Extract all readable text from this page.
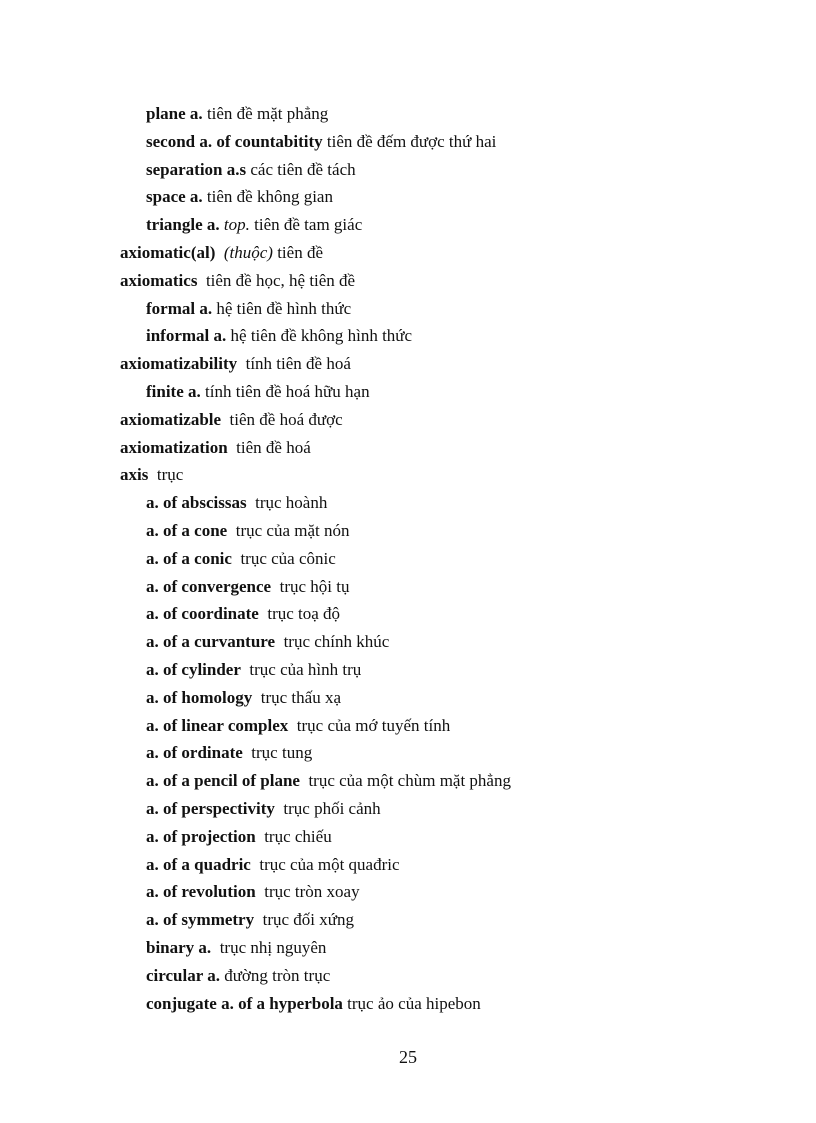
plane a. tiên đề mặt phẳng
second a. of countabitity tiên đề đếm được thứ hai
separation a.s các tiên đề tách
space a. tiên đề không gian
triangle a. top. tiên đề tam giác
axiomatic(al)  (thuộc) tiên đề
axiomatics  tiên đề học, hệ tiên đề
formal a. hệ tiên đề hình thức
informal a. hệ tiên đề không hình thức
axiomatizability  tính tiên đề hoá
finite a. tính tiên đề hoá hữu hạn
axiomatizable  tiên đề hoá được
axiomatization  tiên đề hoá
axis  trục
a. of abscissas  trục hoành
a. of a cone  trục của mặt nón
a. of a conic  trục của cônic
a. of convergence  trục hội tụ
a. of coordinate  trục toạ độ
a. of a curvanture  trục chính khúc
a. of cylinder  trục của hình trụ
a. of homology  trục thấu xạ
a. of linear complex  trục của mớ tuyến tính
a. of ordinate  trục tung
a. of a pencil of plane  trục của một chùm mặt phẳng
a. of perspectivity  trục phối cảnh
a. of projection  trục chiếu
a. of a quadric  trục của một quađric
a. of revolution  trục tròn xoay
a. of symmetry  trục đối xứng
binary a.  trục nhị nguyên
circular a. đường tròn trục
conjugate a. of a hyperbola trục ảo của hipebon
25
